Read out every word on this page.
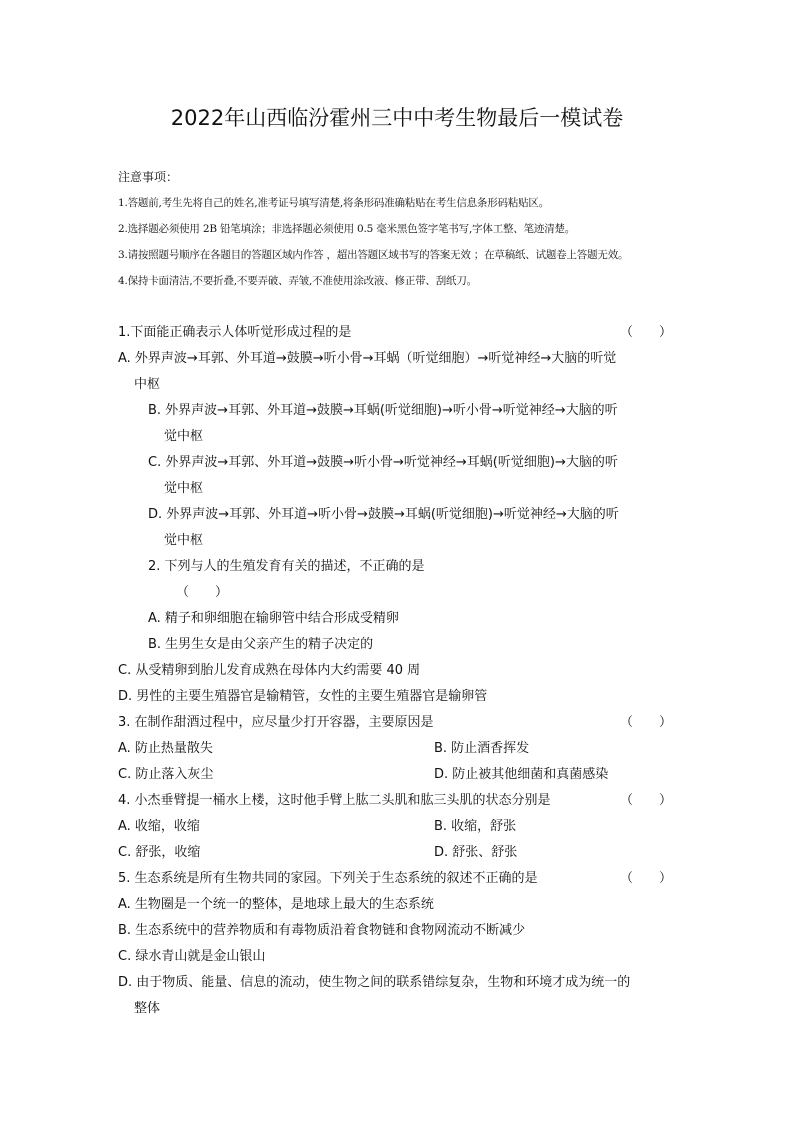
2022年山西临汾霍州三中中考生物最后一模试卷
注意事项：
1.答题前,考生先将自己的姓名,准考证号填写清楚,将条形码准确粘贴在考生信息条形码粘贴区。
2.选择题必须使用 2B 铅笔填涂；非选择题必须使用 0.5 毫米黑色签字笔书写,字体工整、笔迹清楚。
3.请按照题号顺序在各题目的答题区域内作答 ，超出答题区域书写的答案无效 ；在草稿纸、试题卷上答题无效。
4.保持卡面清洁,不要折叠,不要弄破、弄皱,不准使用涂改液、修正带、刮纸刀。
1.下面能正确表示人体听觉形成过程的是	（　　）
A. 外界声波→耳郭、外耳道→鼓膜→听小骨→耳蜗（听觉细胞）→听觉神经→大脑的听觉
中枢
B. 外界声波→耳郭、外耳道→鼓膜→耳蜗(听觉细胞)→听小骨→听觉神经→大脑的听
觉中枢
C. 外界声波→耳郭、外耳道→鼓膜→听小骨→听觉神经→耳蜗(听觉细胞)→大脑的听
觉中枢
D. 外界声波→耳郭、外耳道→听小骨→鼓膜→耳蜗(听觉细胞)→听觉神经→大脑的听
觉中枢
2. 下列与人的生殖发育有关的描述，不正确的是
（　　）
A. 精子和卵细胞在输卵管中结合形成受精卵
B. 生男生女是由父亲产生的精子决定的
C. 从受精卵到胎儿发育成熟在母体内大约需要 40 周
D. 男性的主要生殖器官是输精管，女性的主要生殖器官是输卵管
3. 在制作甜酒过程中，应尽量少打开容器，主要原因是	（　　）
A. 防止热量散失	B. 防止酒香挥发
C. 防止落入灰尘	D. 防止被其他细菌和真菌感染
4. 小杰垂臂提一桶水上楼，这时他手臂上肱二头肌和肱三头肌的状态分别是	（　　）
A. 收缩，收缩	B. 收缩，舒张
C. 舒张，收缩	D. 舒张、舒张
5. 生态系统是所有生物共同的家园。下列关于生态系统的叙述不正确的是	（　　）
A. 生物圈是一个统一的整体，是地球上最大的生态系统
B. 生态系统中的营养物质和有毒物质沿着食物链和食物网流动不断减少
C. 绿水青山就是金山银山
D. 由于物质、能量、信息的流动，使生物之间的联系错综复杂，生物和环境才成为统一的
整体
